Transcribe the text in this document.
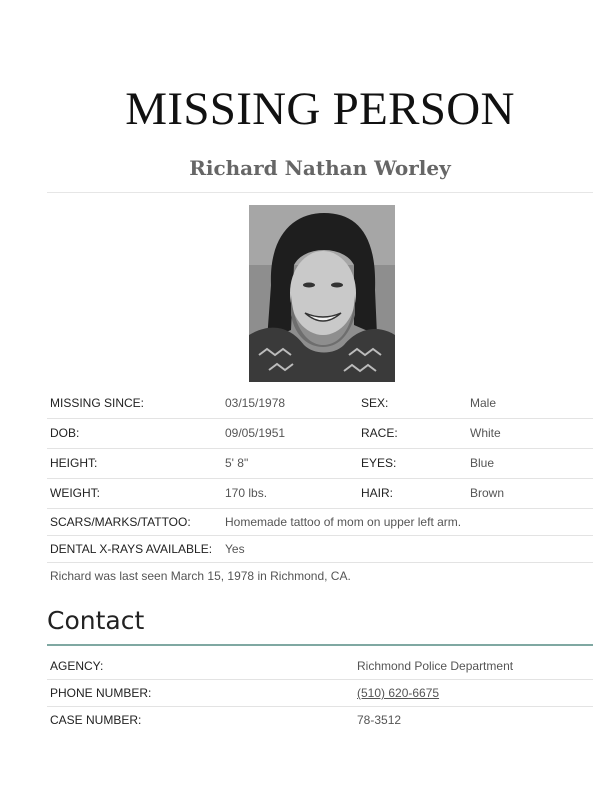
MISSING PERSON
Richard Nathan Worley
MISSING SINCE:	03/15/1978	SEX:	Male
DOB:	09/05/1951	RACE:	White
HEIGHT:	5' 8"	EYES:	Blue
WEIGHT:	170 lbs.	HAIR:	Brown
SCARS/MARKS/TATTOO:	Homemade tattoo of mom on upper left arm.
DENTAL X-RAYS AVAILABLE: Yes
Richard was last seen March 15, 1978 in Richmond, CA.
Contact
AGENCY:	Richmond Police Department
PHONE NUMBER:	(510) 620-6675
CASE NUMBER:	78-3512
